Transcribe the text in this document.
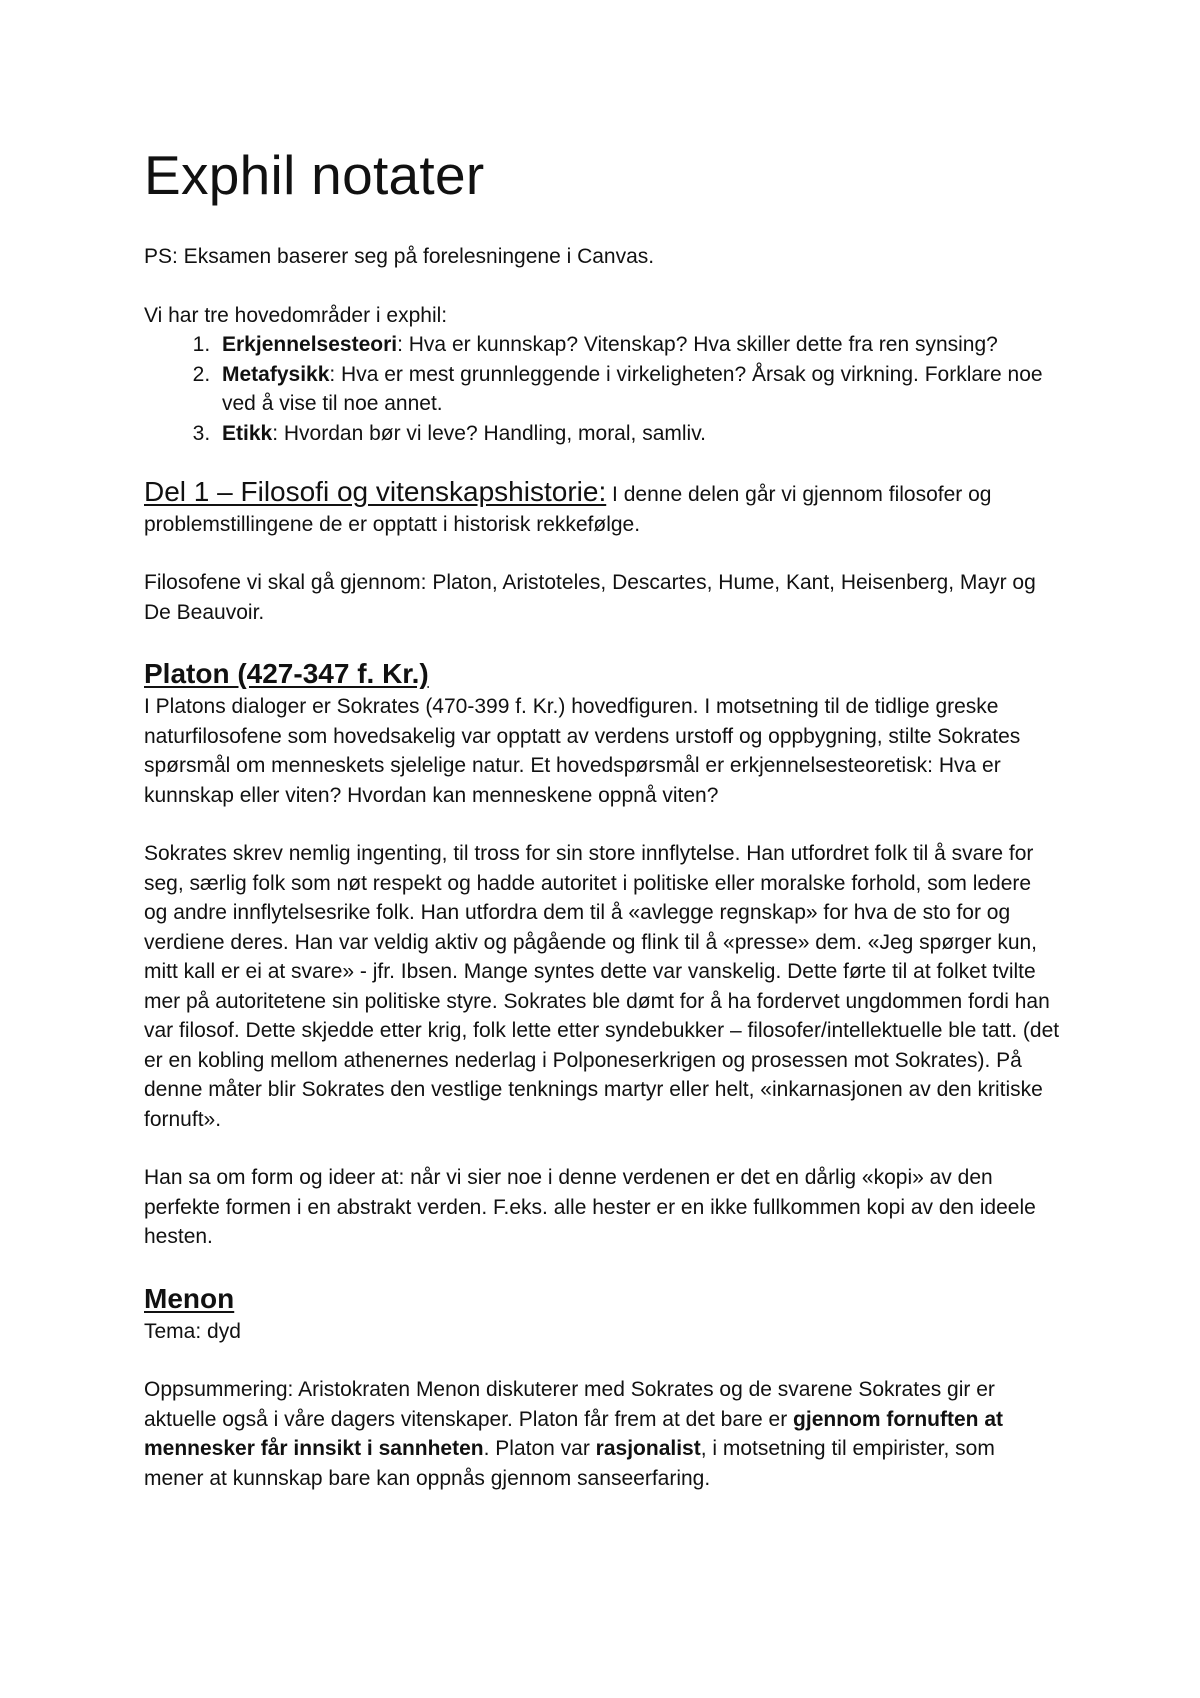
Exphil notater

PS: Eksamen baserer seg på forelesningene i Canvas.

Vi har tre hovedområder i exphil:

1. Erkjennelsesteori: Hva er kunnskap? Vitenskap? Hva skiller dette fra ren synsing?
2. Metafysikk: Hva er mest grunnleggende i virkeligheten? Årsak og virkning. Forklare noe ved å vise til noe annet.
3. Etikk: Hvordan bør vi leve? Handling, moral, samliv.

Del 1 – Filosofi og vitenskapshistorie: I denne delen går vi gjennom filosofer og problemstillingene de er opptatt i historisk rekkefølge.

Filosofene vi skal gå gjennom: Platon, Aristoteles, Descartes, Hume, Kant, Heisenberg, Mayr og De Beauvoir.

Platon (427-347 f. Kr.)

I Platons dialoger er Sokrates (470-399 f. Kr.) hovedfiguren. I motsetning til de tidlige greske naturfilosofene som hovedsakelig var opptatt av verdens urstoff og oppbygning, stilte Sokrates spørsmål om menneskets sjelelige natur. Et hovedspørsmål er erkjennelsesteoretisk: Hva er kunnskap eller viten? Hvordan kan menneskene oppnå viten?

Sokrates skrev nemlig ingenting, til tross for sin store innflytelse. Han utfordret folk til å svare for seg, særlig folk som nøt respekt og hadde autoritet i politiske eller moralske forhold, som ledere og andre innflytelsesrike folk. Han utfordra dem til å «avlegge regnskap» for hva de sto for og verdiene deres. Han var veldig aktiv og pågående og flink til å «presse» dem. «Jeg spørger kun, mitt kall er ei at svare» - jfr. Ibsen. Mange syntes dette var vanskelig. Dette førte til at folket tvilte mer på autoritetene sin politiske styre. Sokrates ble dømt for å ha fordervet ungdommen fordi han var filosof. Dette skjedde etter krig, folk lette etter syndebukker – filosofer/intellektuelle ble tatt. (det er en kobling mellom athenernes nederlag i Polponeserkrigen og prosessen mot Sokrates). På denne måter blir Sokrates den vestlige tenknings martyr eller helt, «inkarnasjonen av den kritiske fornuft».

Han sa om form og ideer at: når vi sier noe i denne verdenen er det en dårlig «kopi» av den perfekte formen i en abstrakt verden. F.eks. alle hester er en ikke fullkommen kopi av den ideele hesten.

Menon

Tema: dyd

Oppsummering: Aristokraten Menon diskuterer med Sokrates og de svarene Sokrates gir er aktuelle også i våre dagers vitenskaper. Platon får frem at det bare er gjennom fornuften at mennesker får innsikt i sannheten. Platon var rasjonalist, i motsetning til empirister, som mener at kunnskap bare kan oppnås gjennom sanseerfaring.
